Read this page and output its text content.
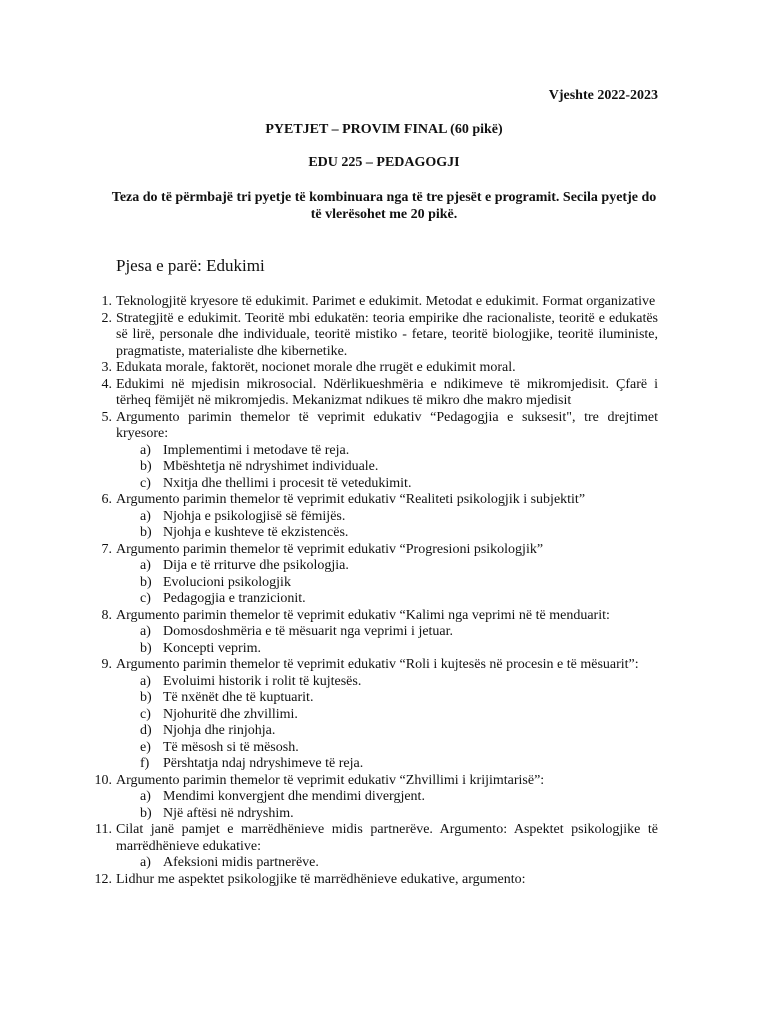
Vjeshte 2022-2023
PYETJET – PROVIM FINAL (60 pikë)
EDU 225 – PEDAGOGJI
Teza do të përmbajë tri pyetje të kombinuara nga të tre pjesët e programit. Secila pyetje do të vlerësohet me 20 pikë.
Pjesa e parë: Edukimi
1. Teknologjitë kryesore të edukimit. Parimet e edukimit. Metodat e edukimit. Format organizative
2. Strategjitë e edukimit. Teoritë mbi edukatën: teoria empirike dhe racionaliste, teoritë e edukatës së lirë, personale dhe individuale, teoritë mistiko - fetare, teoritë biologjike, teoritë iluministe, pragmatiste, materialiste dhe kibernetike.
3. Edukata morale, faktorët, nocionet morale dhe rrugët e edukimit moral.
4. Edukimi në mjedisin mikrosocial. Ndërlikueshmëria e ndikimeve të mikromjedisit. Çfarë i tërheq fëmijët në mikromjedis. Mekanizmat ndikues të mikro dhe makro mjedisit
5. Argumento parimin themelor të veprimit edukativ “Pedagogjia e suksesit", tre drejtimet kryesore:
a) Implementimi i metodave të reja.
b) Mbështetja në ndryshimet individuale.
c) Nxitja dhe thellimi i procesit të vetedukimit.
6. Argumento parimin themelor të veprimit edukativ “Realiteti psikologjik i subjektit”
a) Njohja e psikologjisë së fëmijës.
b) Njohja e kushteve të ekzistencës.
7. Argumento parimin themelor të veprimit edukativ “Progresioni psikologjik”
a) Dija e të rriturve dhe psikologjia.
b) Evolucioni psikologjik
c) Pedagogjia e tranzicionit.
8. Argumento parimin themelor të veprimit edukativ “Kalimi nga veprimi në të menduarit:
a) Domosdoshmëria e të mësuarit nga veprimi i jetuar.
b) Koncepti veprim.
9. Argumento parimin themelor të veprimit edukativ “Roli i kujtesës në procesin e të mësuarit”:
a) Evoluimi historik i rolit të kujtesës.
b) Të nxënët dhe të kuptuarit.
c) Njohuritë dhe zhvillimi.
d) Njohja dhe rinjohja.
e) Të mësosh si të mësosh.
f) Përshtatja ndaj ndryshimeve të reja.
10. Argumento parimin themelor të veprimit edukativ “Zhvillimi i krijimtarisë”:
a) Mendimi konvergjent dhe mendimi divergjent.
b) Një aftësi në ndryshim.
11. Cilat janë pamjet e marrëdhënieve midis partnerëve. Argumento: Aspektet psikologjike të marrëdhënieve edukative:
a) Afeksioni midis partnerëve.
12. Lidhur me aspektet psikologjike të marrëdhënieve edukative, argumento:
